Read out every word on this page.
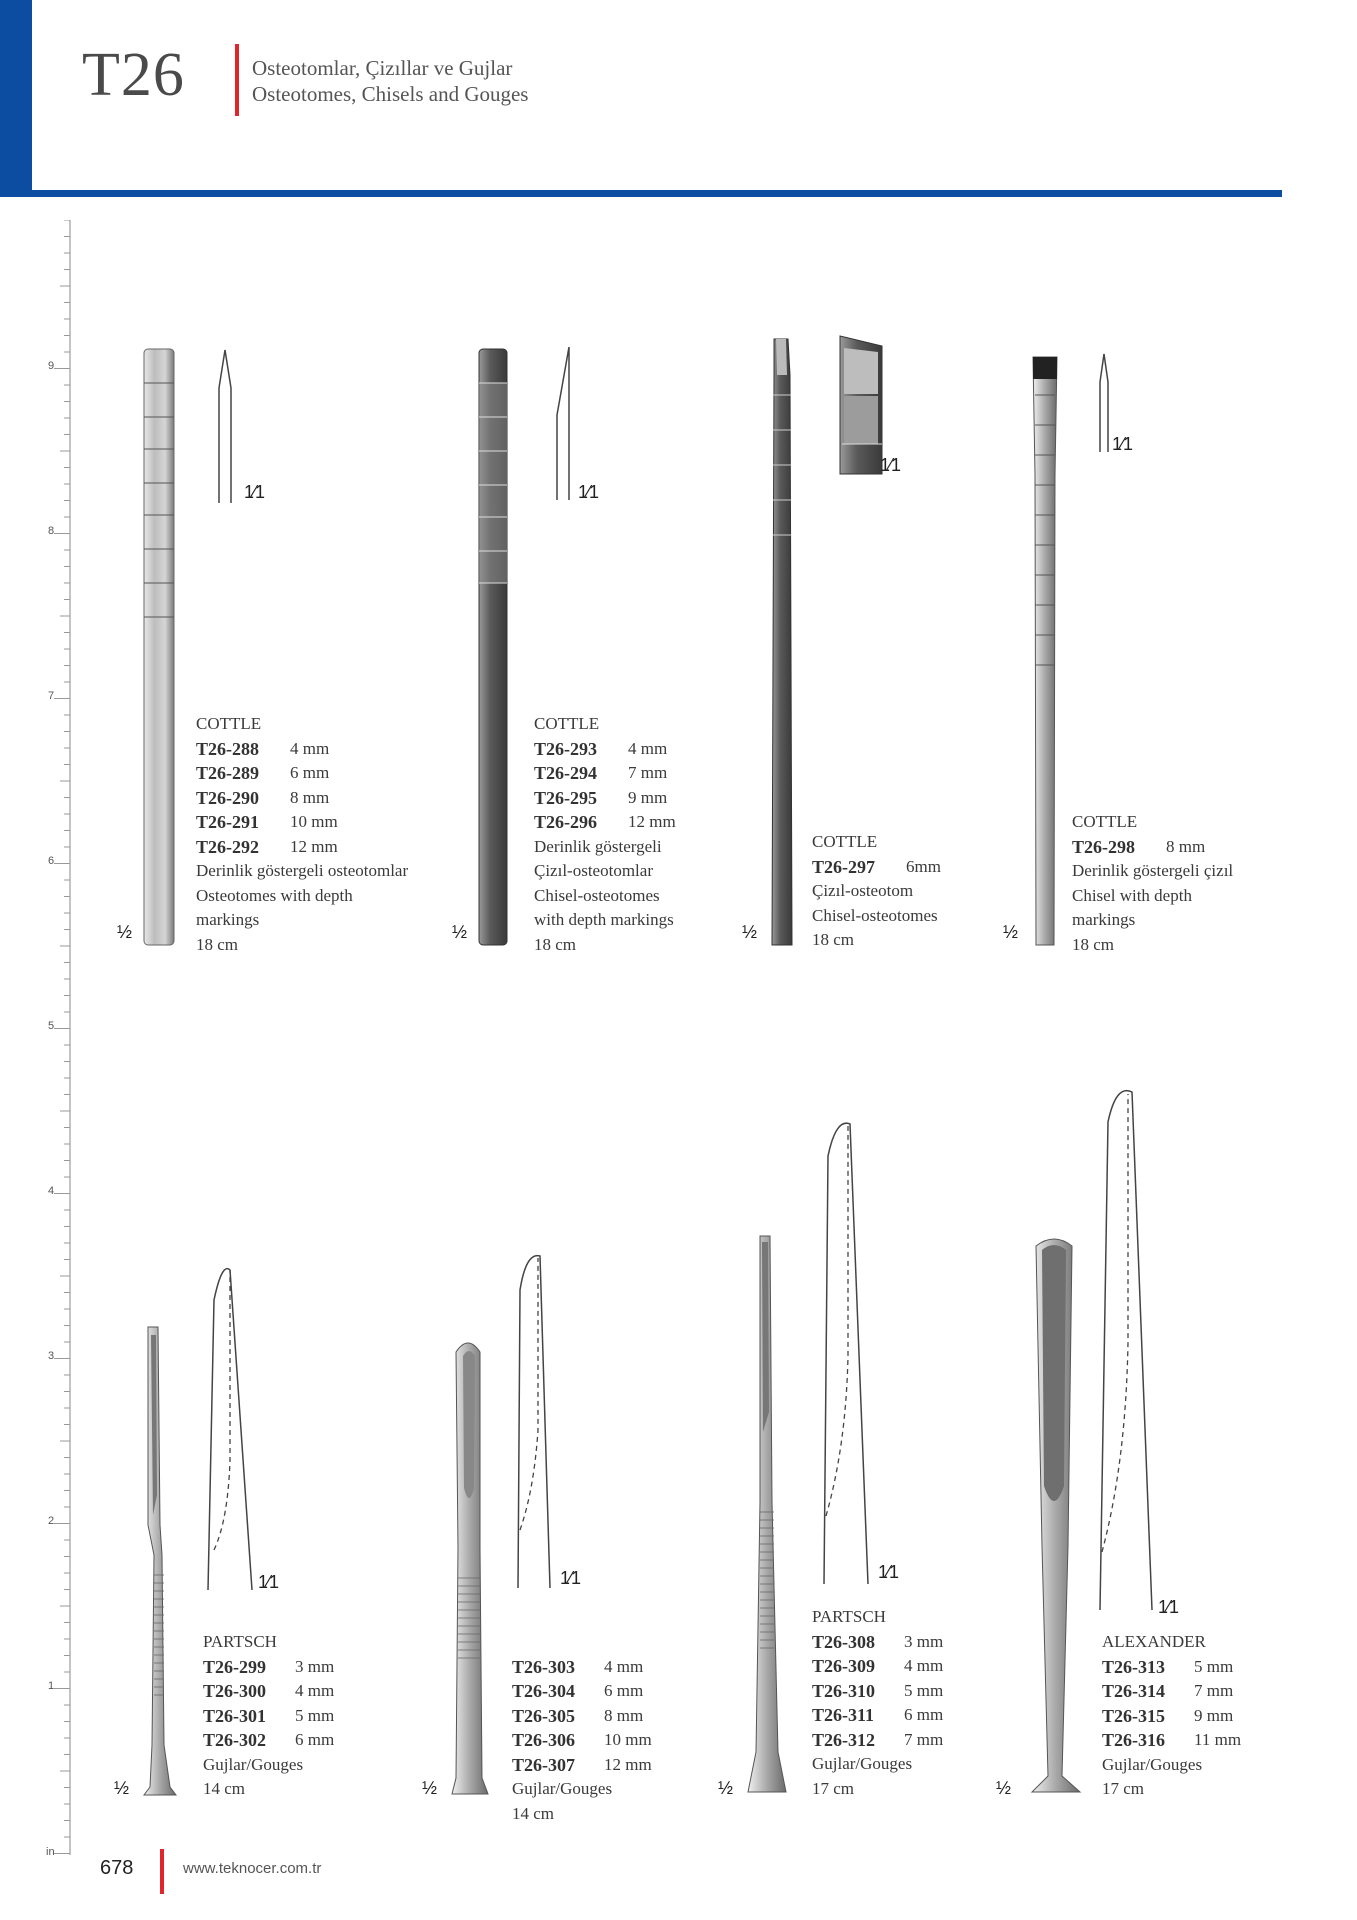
T26	Osteotomlar, Çizıllar ve Gujlar
Osteotomes, Chisels and Gouges
9
8
7
6
5
4
3
2
1
in
1⁄1
½
1⁄1
½
1⁄1
½
1⁄1
½
COTTLE
T26-288	4 mm
T26-289	6 mm
T26-290	8 mm
T26-291	10 mm
T26-292	12 mm
Derinlik göstergeli osteotomlar
Osteotomes with depth
markings
18 cm
COTTLE
T26-293	4 mm
T26-294	7 mm
T26-295	9 mm
T26-296	12 mm
Derinlik göstergeli
Çizıl-osteotomlar
Chisel-osteotomes
with depth markings
18 cm
COTTLE
T26-297	6mm
Çizıl-osteotom
Chisel-osteotomes
18 cm
COTTLE
T26-298	8 mm
Derinlik göstergeli çizıl
Chisel with depth
markings
18 cm
1⁄1
½
1⁄1
½
1⁄1
½
1⁄1
½
PARTSCH
T26-299	3 mm
T26-300	4 mm
T26-301	5 mm
T26-302	6 mm
Gujlar/Gouges
14 cm
T26-303	4 mm
T26-304	6 mm
T26-305	8 mm
T26-306	10 mm
T26-307	12 mm
Gujlar/Gouges
14 cm
PARTSCH
T26-308	3 mm
T26-309	4 mm
T26-310	5 mm
T26-311	6 mm
T26-312	7 mm
Gujlar/Gouges
17 cm
ALEXANDER
T26-313	5 mm
T26-314	7 mm
T26-315	9 mm
T26-316	11 mm
Gujlar/Gouges
17 cm
678	www.teknocer.com.tr
